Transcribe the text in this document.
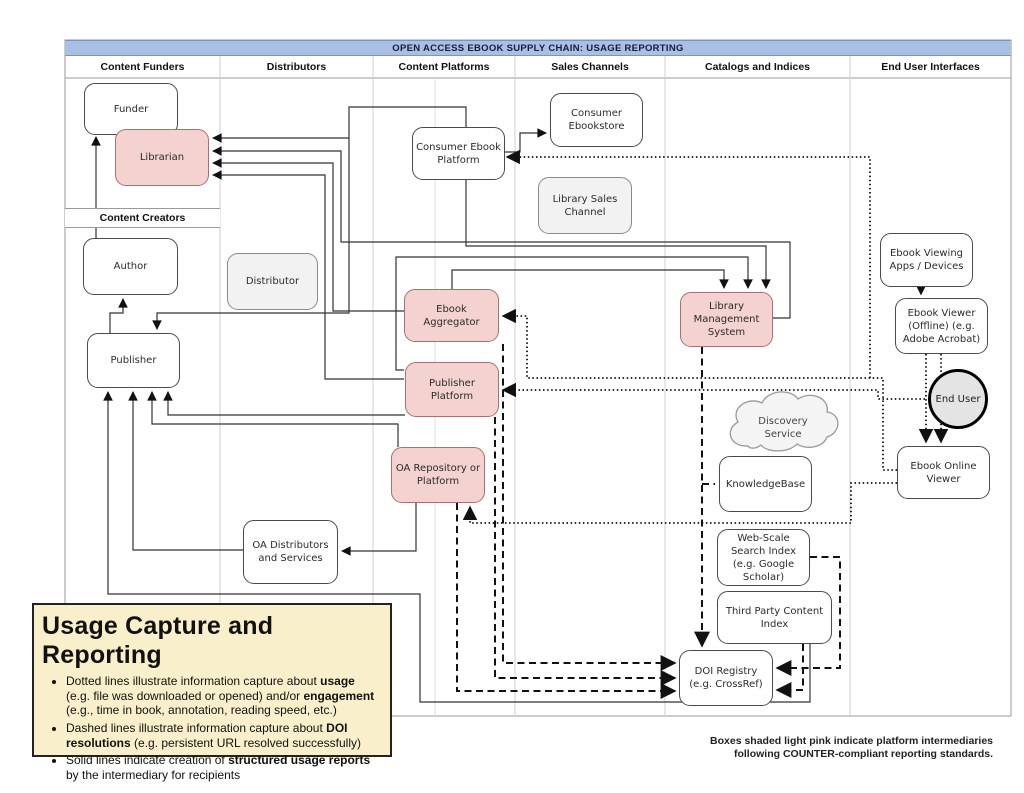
OPEN ACCESS EBOOK SUPPLY CHAIN: USAGE REPORTING
Content Funders	Distributors	Content Platforms	Sales Channels	Catalogs and Indices	End User Interfaces
Content Creators
Funder
Librarian
Author
Publisher
Distributor
Consumer Ebook Platform
Consumer Ebookstore
Library Sales Channel
Ebook Aggregator
Publisher Platform
OA Repository or Platform
OA Distributors and Services
Library Management System
Discovery Service
KnowledgeBase
Web-Scale Search Index (e.g. Google Scholar)
Third Party Content Index
DOI Registry (e.g. CrossRef)
Ebook Viewing Apps / Devices
Ebook Viewer (Offline) (e.g. Adobe Acrobat)
End User
Ebook Online Viewer
Usage Capture and Reporting
• Dotted lines illustrate information capture about usage (e.g. file was downloaded or opened) and/or engagement (e.g., time in book, annotation, reading speed, etc.)
• Dashed lines illustrate information capture about DOI resolutions (e.g. persistent URL resolved successfully)
• Solid lines indicate creation of structured usage reports by the intermediary for recipients
Boxes shaded light pink indicate platform intermediaries
following COUNTER-compliant reporting standards.
